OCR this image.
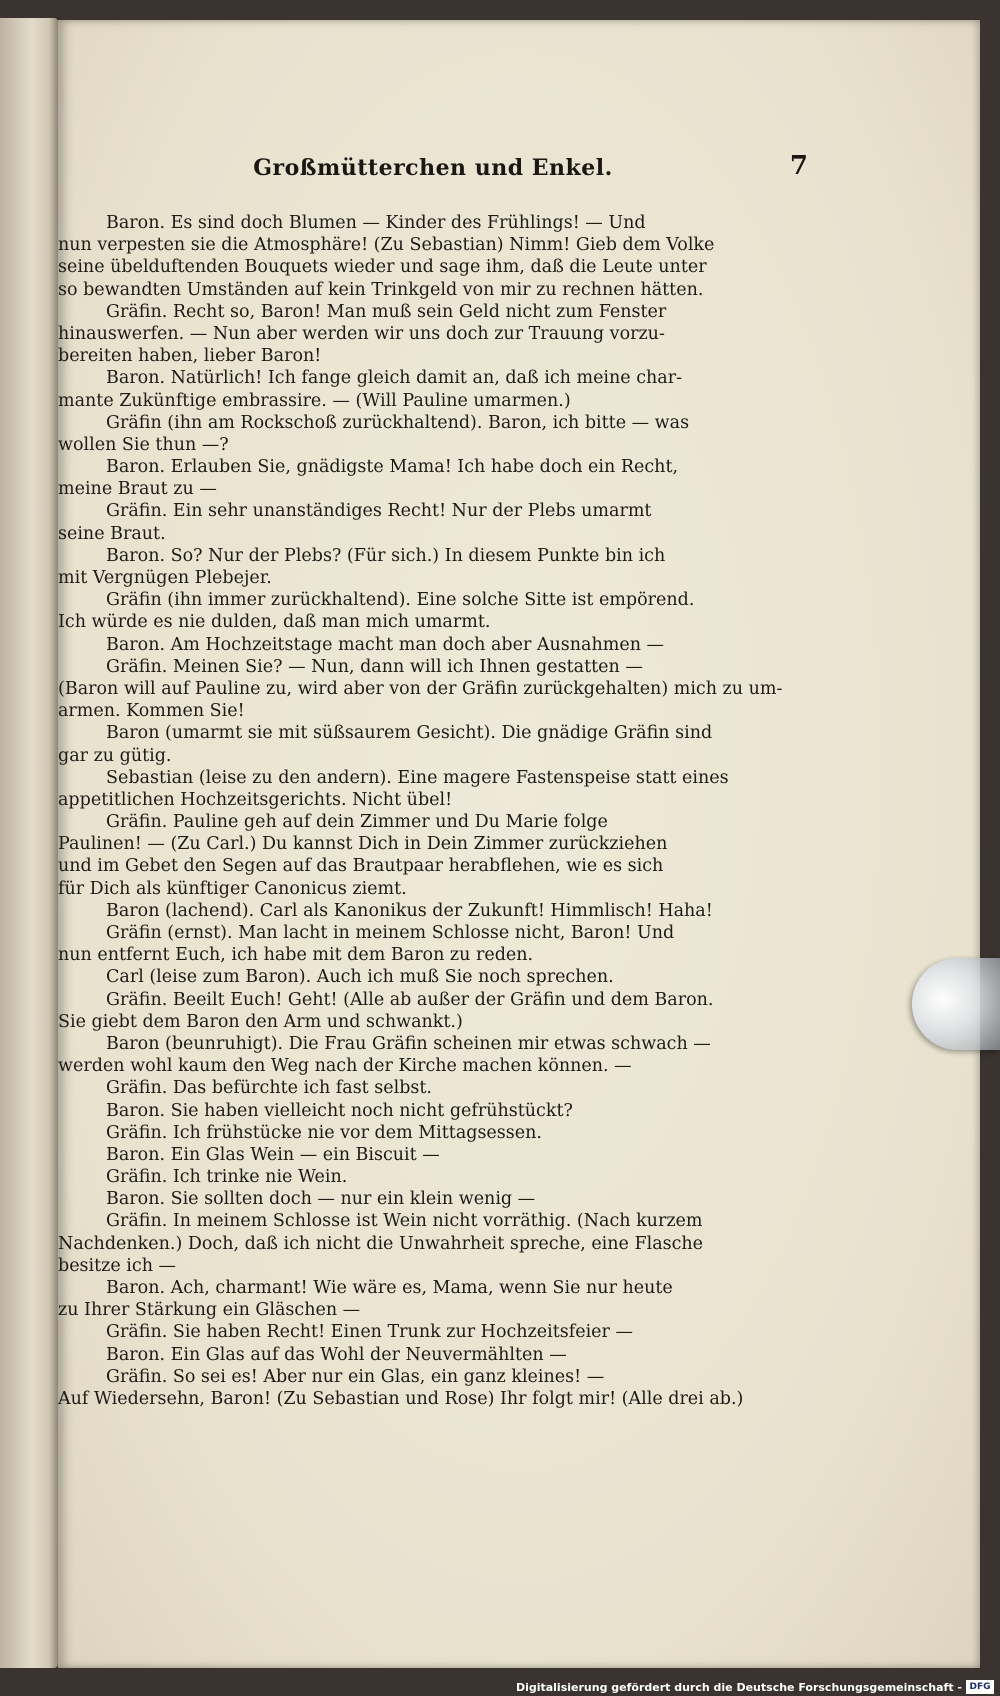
Großmütterchen und Enkel.	7
Baron. Es sind doch Blumen — Kinder des Frühlings! — Und
nun verpesten sie die Atmosphäre! (Zu Sebastian) Nimm! Gieb dem Volke
seine übelduftenden Bouquets wieder und sage ihm, daß die Leute unter
so bewandten Umständen auf kein Trinkgeld von mir zu rechnen hätten.
Gräfin. Recht so, Baron! Man muß sein Geld nicht zum Fenster
hinauswerfen. — Nun aber werden wir uns doch zur Trauung vorzu-
bereiten haben, lieber Baron!
Baron. Natürlich! Ich fange gleich damit an, daß ich meine char-
mante Zukünftige embrassire. — (Will Pauline umarmen.)
Gräfin (ihn am Rockschoß zurückhaltend). Baron, ich bitte — was
wollen Sie thun —?
Baron. Erlauben Sie, gnädigste Mama! Ich habe doch ein Recht,
meine Braut zu —
Gräfin. Ein sehr unanständiges Recht! Nur der Plebs umarmt
seine Braut.
Baron. So? Nur der Plebs? (Für sich.) In diesem Punkte bin ich
mit Vergnügen Plebejer.
Gräfin (ihn immer zurückhaltend). Eine solche Sitte ist empörend.
Ich würde es nie dulden, daß man mich umarmt.
Baron. Am Hochzeitstage macht man doch aber Ausnahmen —
Gräfin. Meinen Sie? — Nun, dann will ich Ihnen gestatten —
(Baron will auf Pauline zu, wird aber von der Gräfin zurückgehalten) mich zu um-
armen. Kommen Sie!
Baron (umarmt sie mit süßsaurem Gesicht). Die gnädige Gräfin sind
gar zu gütig.
Sebastian (leise zu den andern). Eine magere Fastenspeise statt eines
appetitlichen Hochzeitsgerichts. Nicht übel!
Gräfin. Pauline geh auf dein Zimmer und Du Marie folge
Paulinen! — (Zu Carl.) Du kannst Dich in Dein Zimmer zurückziehen
und im Gebet den Segen auf das Brautpaar herabflehen, wie es sich
für Dich als künftiger Canonicus ziemt.
Baron (lachend). Carl als Kanonikus der Zukunft! Himmlisch! Haha!
Gräfin (ernst). Man lacht in meinem Schlosse nicht, Baron! Und
nun entfernt Euch, ich habe mit dem Baron zu reden.
Carl (leise zum Baron). Auch ich muß Sie noch sprechen.
Gräfin. Beeilt Euch! Geht! (Alle ab außer der Gräfin und dem Baron.
Sie giebt dem Baron den Arm und schwankt.)
Baron (beunruhigt). Die Frau Gräfin scheinen mir etwas schwach —
werden wohl kaum den Weg nach der Kirche machen können. —
Gräfin. Das befürchte ich fast selbst.
Baron. Sie haben vielleicht noch nicht gefrühstückt?
Gräfin. Ich frühstücke nie vor dem Mittagsessen.
Baron. Ein Glas Wein — ein Biscuit —
Gräfin. Ich trinke nie Wein.
Baron. Sie sollten doch — nur ein klein wenig —
Gräfin. In meinem Schlosse ist Wein nicht vorräthig. (Nach kurzem
Nachdenken.) Doch, daß ich nicht die Unwahrheit spreche, eine Flasche
besitze ich —
Baron. Ach, charmant! Wie wäre es, Mama, wenn Sie nur heute
zu Ihrer Stärkung ein Gläschen —
Gräfin. Sie haben Recht! Einen Trunk zur Hochzeitsfeier —
Baron. Ein Glas auf das Wohl der Neuvermählten —
Gräfin. So sei es! Aber nur ein Glas, ein ganz kleines! —
Auf Wiedersehn, Baron! (Zu Sebastian und Rose) Ihr folgt mir! (Alle drei ab.)
Digitalisierung gefördert durch die Deutsche Forschungsgemeinschaft - DFG
